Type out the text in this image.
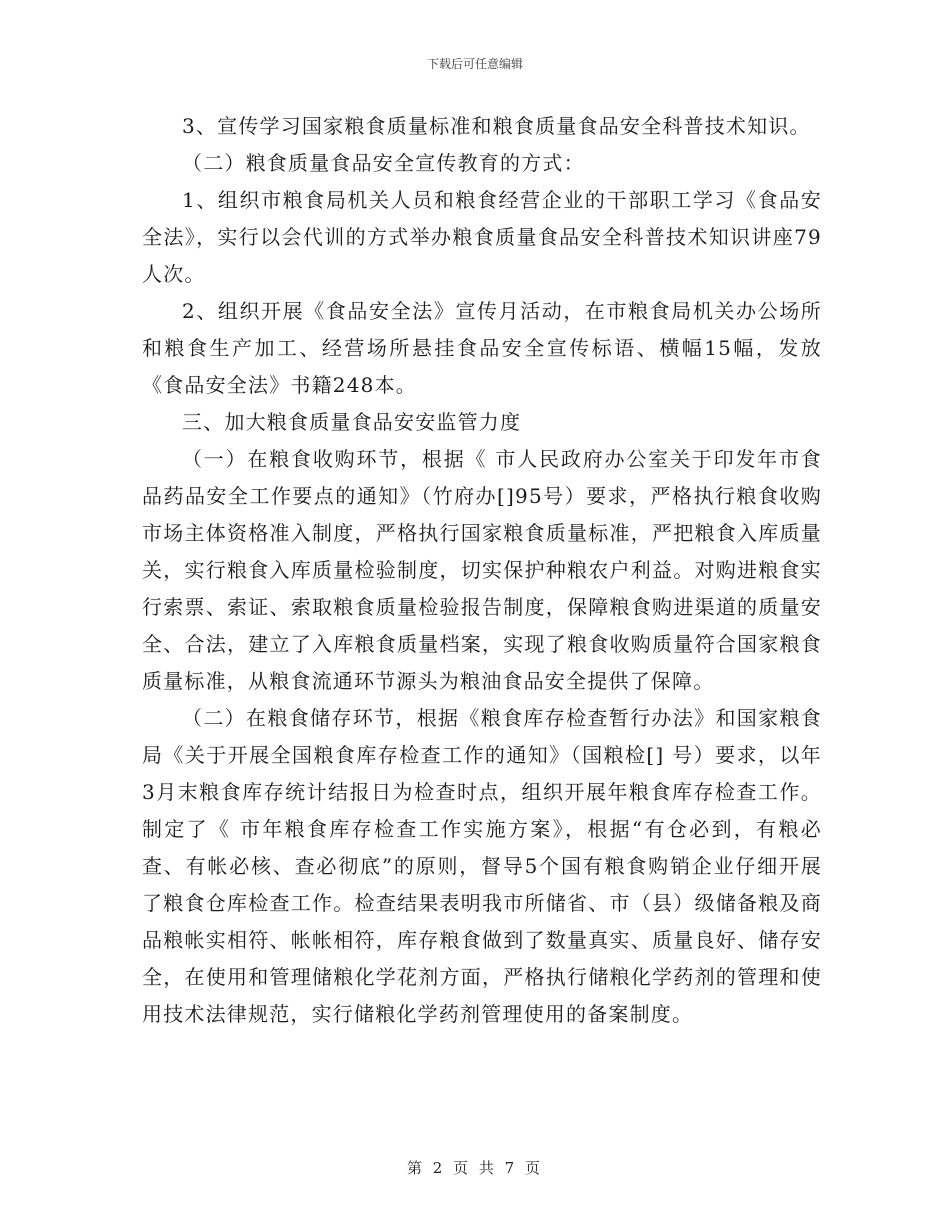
下载后可任意编辑

3、宣传学习国家粮食质量标准和粮食质量食品安全科普技术知识。

（二）粮食质量食品安全宣传教育的方式：

1、组织市粮食局机关人员和粮食经营企业的干部职工学习《食品安全法》，实行以会代训的方式举办粮食质量食品安全科普技术知识讲座79人次。

2、组织开展《食品安全法》宣传月活动，在市粮食局机关办公场所和粮食生产加工、经营场所悬挂食品安全宣传标语、横幅15幅，发放《食品安全法》书籍248本。

三、加大粮食质量食品安安监管力度

（一）在粮食收购环节，根据《 市人民政府办公室关于印发年市食品药品安全工作要点的通知》（竹府办[]95号）要求，严格执行粮食收购市场主体资格准入制度，严格执行国家粮食质量标准，严把粮食入库质量关，实行粮食入库质量检验制度，切实保护种粮农户利益。对购进粮食实行索票、索证、索取粮食质量检验报告制度，保障粮食购进渠道的质量安全、合法，建立了入库粮食质量档案，实现了粮食收购质量符合国家粮食质量标准，从粮食流通环节源头为粮油食品安全提供了保障。

（二）在粮食储存环节，根据《粮食库存检查暂行办法》和国家粮食局《关于开展全国粮食库存检查工作的通知》（国粮检[] 号）要求，以年3月末粮食库存统计结报日为检查时点，组织开展年粮食库存检查工作。制定了《 市年粮食库存检查工作实施方案》，根据“有仓必到，有粮必查、有帐必核、查必彻底”的原则，督导5个国有粮食购销企业仔细开展了粮食仓库检查工作。检查结果表明我市所储省、市（县）级储备粮及商品粮帐实相符、帐帐相符，库存粮食做到了数量真实、质量良好、储存安全，在使用和管理储粮化学花剂方面，严格执行储粮化学药剂的管理和使用技术法律规范，实行储粮化学药剂管理使用的备案制度。

第 2 页 共 7 页
